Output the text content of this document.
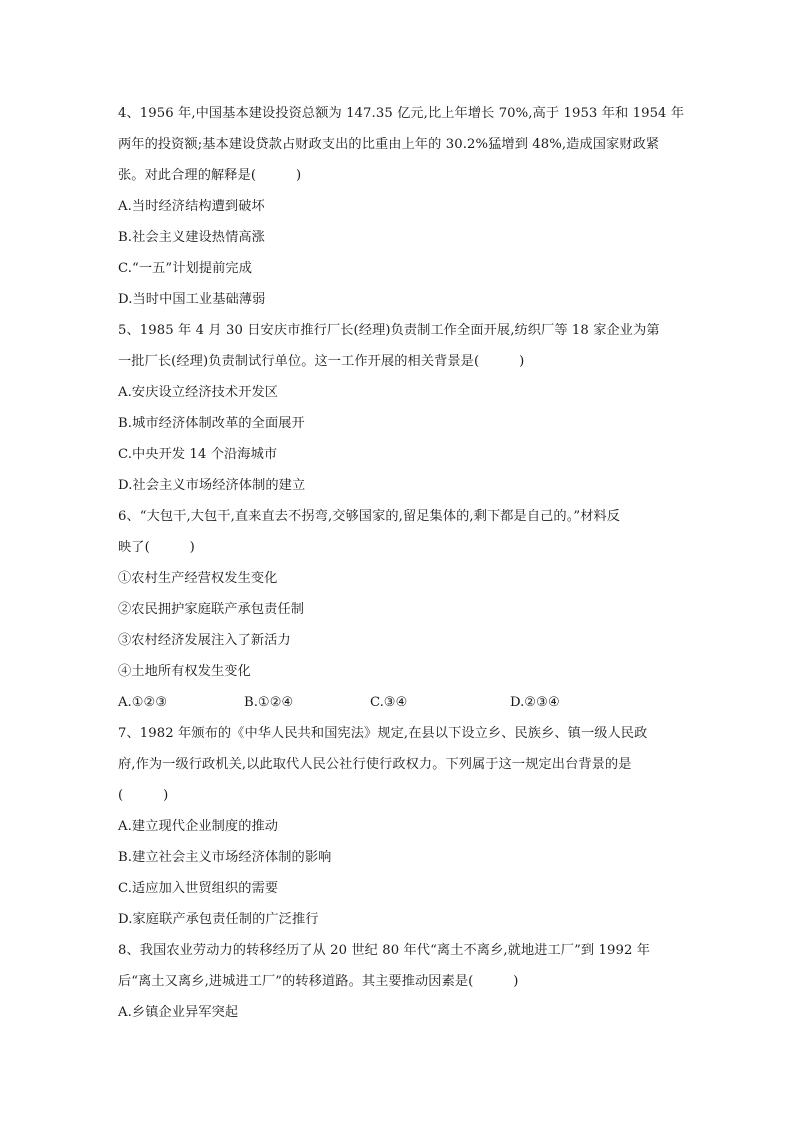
4、1956 年,中国基本建设投资总额为 147.35 亿元,比上年增长 70%,高于 1953 年和 1954 年
两年的投资额;基本建设贷款占财政支出的比重由上年的 30.2%猛增到 48%,造成国家财政紧
张。对此合理的解释是(　　　)
A.当时经济结构遭到破坏
B.社会主义建设热情高涨
C.“一五”计划提前完成
D.当时中国工业基础薄弱
5、1985 年 4 月 30 日安庆市推行厂长(经理)负责制工作全面开展,纺织厂等 18 家企业为第
一批厂长(经理)负责制试行单位。这一工作开展的相关背景是(　　　)
A.安庆设立经济技术开发区
B.城市经济体制改革的全面展开
C.中央开发 14 个沿海城市
D.社会主义市场经济体制的建立
6、“大包干,大包干,直来直去不拐弯,交够国家的,留足集体的,剩下都是自己的。”材料反
映了(　　　)
①农村生产经营权发生变化
②农民拥护家庭联产承包责任制
③农村经济发展注入了新活力
④土地所有权发生变化
A.①②③	B.①②④	C.③④	D.②③④
7、1982 年颁布的《中华人民共和国宪法》规定,在县以下设立乡、民族乡、镇一级人民政
府,作为一级行政机关,以此取代人民公社行使行政权力。下列属于这一规定出台背景的是
(　　　)
A.建立现代企业制度的推动
B.建立社会主义市场经济体制的影响
C.适应加入世贸组织的需要
D.家庭联产承包责任制的广泛推行
8、我国农业劳动力的转移经历了从 20 世纪 80 年代“离土不离乡,就地进工厂”到 1992 年
后“离土又离乡,进城进工厂”的转移道路。其主要推动因素是(　　　)
A.乡镇企业异军突起
